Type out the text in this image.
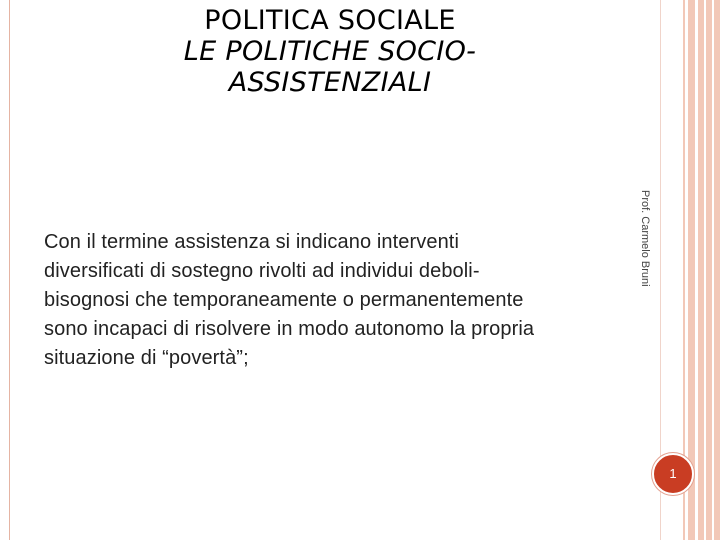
POLITICA SOCIALE
LE POLITICHE SOCIO-
ASSISTENZIALI
Prof. Carmelo Bruni
Con il termine assistenza si indicano interventi
diversificati di sostegno rivolti ad individui deboli-
bisognosi che temporaneamente o permanentemente
sono incapaci di risolvere in modo autonomo la propria
situazione di “povertà”;
1
